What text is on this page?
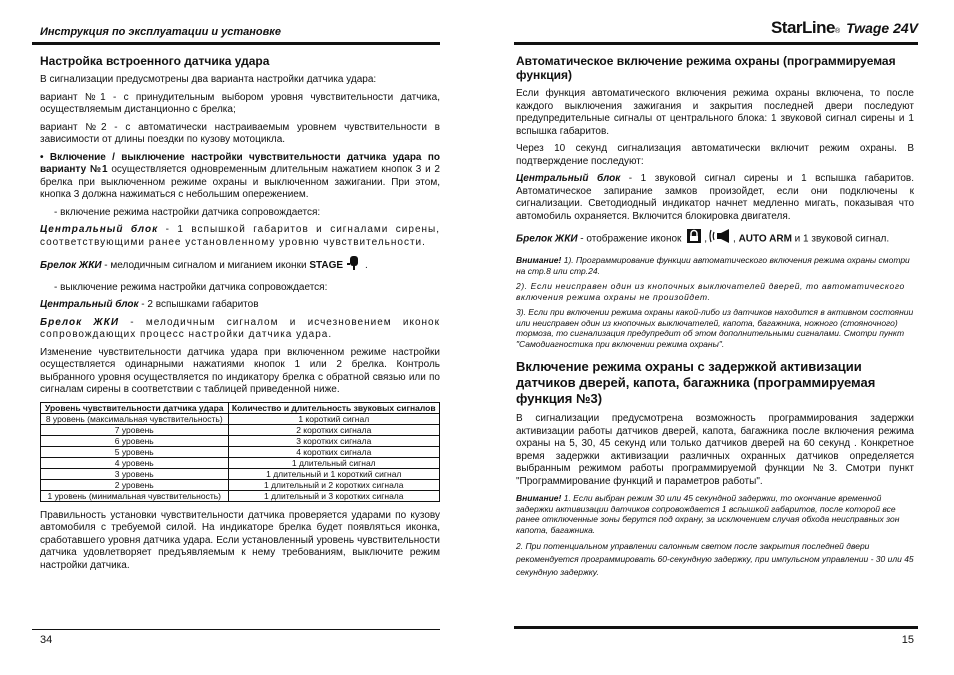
Инструкция по эксплуатации и установке
Настройка встроенного датчика удара

В сигнализации предусмотрены два варианта настройки датчика удара:

вариант №1 - с принудительным выбором уровня чувствительности датчика, осуществляемым дистанционно с брелка;

вариант №2 - с автоматически настраиваемым уровнем чувствительности в зависимости от длины поездки по кузову мотоцикла.

• Включение / выключение настройки чувствительности датчика удара по варианту №1 осуществляется одновременным длительным нажатием кнопок 3 и 2 брелка при выключенном режиме охраны и выключенном зажигании. При этом, кнопка 3 должна нажиматься с небольшим опережением.

- включение режима настройки датчика сопровождается:

Центральный блок - 1 вспышкой габаритов и сигналами сирены, соответствующими ранее установленному уровню чувствительности.

Брелок ЖКИ - мелодичным сигналом и миганием иконки STAGE .

- выключение режима настройки датчика сопровождается:

Центральный блок - 2 вспышками габаритов

Брелок ЖКИ - мелодичным сигналом и исчезновением иконок сопровождающих процесс настройки датчика удара.

Изменение чувствительности датчика удара при включенном режиме настройки осуществляется одинарными нажатиями кнопок 1 или 2 брелка. Контроль выбранного уровня осуществляется по индикатору брелка с обратной связью или по сигналам сирены в соответствии с таблицей приведенной ниже.

Уровень чувствительности датчика удара	Количество и длительность звуковых сигналов
8 уровень (максимальная чувствительность)	1 короткий сигнал
7 уровень	2 коротких сигнала
6 уровень	3 коротких сигнала
5 уровень	4 коротких сигнала
4 уровень	1 длительный сигнал
3 уровень	1 длительный и 1 короткий сигнал
2 уровень	1 длительный и 2 коротких сигнала
1 уровень (минимальная чувствительность)	1 длительный и 3 коротких сигнала

Правильность установки чувствительности датчика проверяется ударами по кузову автомобиля с требуемой силой. На индикаторе брелка будет появляться иконка, сработавшего уровня датчика удара. Если установленный уровень чувствительности датчика удовлетворяет предъявляемым к нему требованиям, выключите режим настройки датчика.

34
StarLine ® Twage 24V
Автоматическое включение режима охраны (программируемая функция)

Если функция автоматического включения режима охраны включена, то после каждого выключения зажигания и закрытия последней двери последуют предупредительные сигналы от центрального блока: 1 звуковой сигнал сирены и 1 вспышка габаритов.

Через 10 секунд сигнализация автоматически включит режим охраны. В подтверждение последуют:

Центральный блок - 1 звуковой сигнал сирены и 1 вспышка габаритов. Автоматическое запирание замков произойдет, если они подключены к сигнализации. Светодиодный индикатор начнет медленно мигать, показывая что автомобиль охраняется. Включится блокировка двигателя.

Брелок ЖКИ - отображение иконок ,	, AUTO ARM и 1 звуковой сигнал.

Внимание! 1). Программирование функции автоматического включения режима охраны смотри на стр.8 или стр.24.
2). Если неисправен один из кнопочных выключателей дверей, то автоматического включения режима охраны не произойдет.
3). Если при включении режима охраны какой-либо из датчиков находится в активном состоянии или неисправен один из кнопочных выключателей, капота, багажника, ножного (стояночного) тормоза, то сигнализация предупредит об этом дополнительными сигналами. Смотри пункт "Самодиагностика при включении режима охраны".
Включение режима охраны с задержкой активизации датчиков дверей, капота, багажника (программируемая функция №3)

В сигнализации предусмотрена возможность программирования задержки активизации работы датчиков дверей, капота, багажника после включения режима охраны на 5, 30, 45 секунд или только датчиков дверей на 60 секунд . Конкретное время задержки активизации различных охранных датчиков определяется выбранным режимом работы программируемой функции №3. Смотри пункт "Программирование функций и параметров работы".

Внимание! 1. Если выбран режим 30 или 45 секундной задержки, то окончание временной задержки активизации датчиков сопровождается 1 вспышкой габаритов, после которой все ранее отключенные зоны берутся под охрану, за исключением случая обхода неисправных зон капота, багажника.
2. При потенциальном управлении салонным светом после закрытия последней двери рекомендуется программировать 60-секундную задержку, при импульсном управлении - 30 или 45 секундную задержку.
15
